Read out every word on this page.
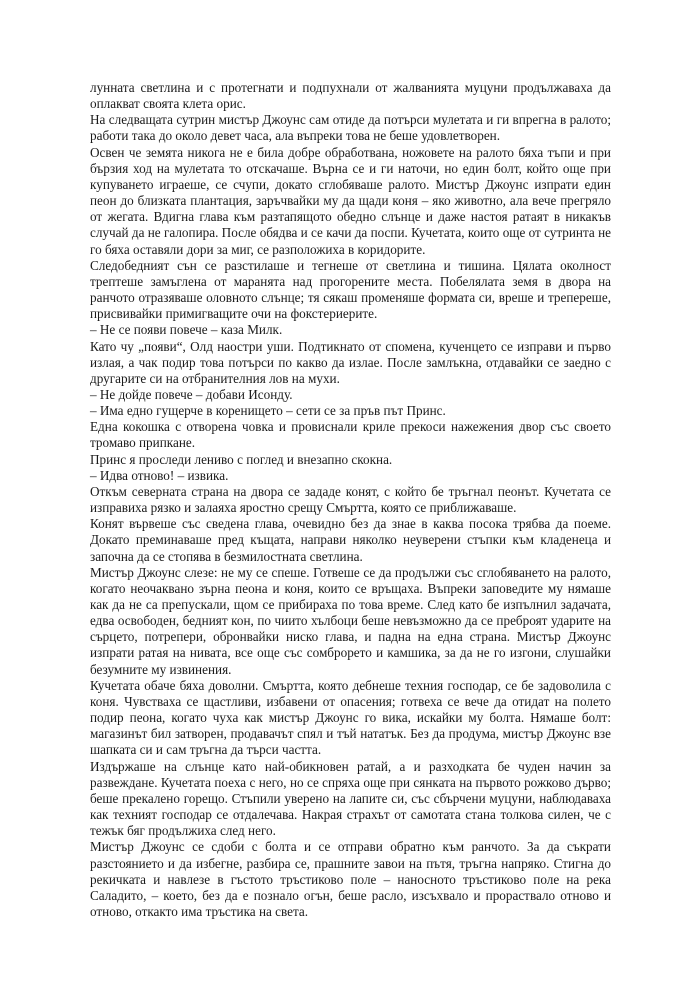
лунната светлина и с протегнати и подпухнали от жалванията муцуни продължаваха да оплакват своята клета орис.

На следващата сутрин мистър Джоунс сам отиде да потърси мулетата и ги впрегна в ралото; работи така до около девет часа, ала въпреки това не беше удовлетворен.

Освен че земята никога не е била добре обработвана, ножовете на ралото бяха тъпи и при бързия ход на мулетата то отскачаше. Върна се и ги наточи, но един болт, който още при купуването играеше, се счупи, докато сглобяваше ралото. Мистър Джоунс изпрати един пеон до близката плантация, заръчвайки му да щади коня – яко животно, ала вече прегряло от жегата. Вдигна глава към разтапящото обедно слънце и даже настоя ратаят в никакъв случай да не галопира. После обядва и се качи да поспи. Кучетата, които още от сутринта не го бяха оставяли дори за миг, се разположиха в коридорите.

Следобедният сън се разстилаше и тегнеше от светлина и тишина. Цялата околност трептеше замъглена от маранята над прогорените места. Побелялата земя в двора на ранчото отразяваше оловното слънце; тя сякаш променяше формата си, вреше и трепереше, присвивайки примигващите очи на фокстериерите.

– Не се появи повече – каза Милк.

Като чу „появи“, Олд наостри уши. Подтикнато от спомена, кученцето се изправи и първо излая, а чак подир това потърси по какво да излае. После замлъкна, отдавайки се заедно с другарите си на отбранителния лов на мухи.

– Не дойде повече – добави Исонду.

– Има едно гущерче в коренището – сети се за пръв път Принс.

Една кокошка с отворена човка и провиснали криле прекоси нажежения двор със своето тромаво припкане.

Принс я проследи лениво с поглед и внезапно скокна.

– Идва отново! – извика.

Откъм северната страна на двора се зададе конят, с който бе тръгнал пеонът. Кучетата се изправиха рязко и залаяха яростно срещу Смъртта, която се приближаваше.

Конят вървеше със сведена глава, очевидно без да знае в каква посока трябва да поеме. Докато преминаваше пред къщата, направи няколко неуверени стъпки към кладенеца и започна да се стопява в безмилостната светлина.

Мистър Джоунс слезе: не му се спеше. Готвеше се да продължи със сглобяването на ралото, когато неочаквано зърна пеона и коня, които се връщаха. Въпреки заповедите му нямаше как да не са препускали, щом се прибираха по това време. След като бе изпълнил задачата, едва освободен, бедният кон, по чиито хълбоци беше невъзможно да се преброят ударите на сърцето, потрепери, обронвайки ниско глава, и падна на една страна. Мистър Джоунс изпрати ратая на нивата, все още със сомброрето и камшика, за да не го изгони, слушайки безумните му извинения.

Кучетата обаче бяха доволни. Смъртта, която дебнеше техния господар, се бе задоволила с коня. Чувстваха се щастливи, избавени от опасения; готвеха се вече да отидат на полето подир пеона, когато чуха как мистър Джоунс го вика, искайки му болта. Нямаше болт: магазинът бил затворен, продавачът спял и тъй нататък. Без да продума, мистър Джоунс взе шапката си и сам тръгна да търси частта.

Издържаше на слънце като най-обикновен ратай, а и разходката бе чуден начин за развеждане. Кучетата поеха с него, но се спряха още при сянката на първото рожково дърво; беше прекалено горещо. Стъпили уверено на лапите си, със сбърчени муцуни, наблюдаваха как техният господар се отдалечава. Накрая страхът от самотата стана толкова силен, че с тежък бяг продължиха след него.

Мистър Джоунс се сдоби с болта и се отправи обратно към ранчото. За да съкрати разстоянието и да избегне, разбира се, прашните завои на пътя, тръгна напряко. Стигна до рекичката и навлезе в гъстото тръстиково поле – наносното тръстиково поле на река Саладито, – което, без да е познало огън, беше расло, изсъхвало и прораствало отново и отново, откакто има тръстика на света.
